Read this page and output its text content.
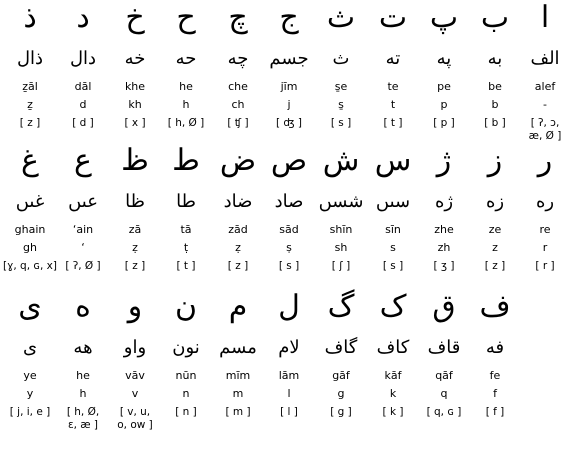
ذ
ذال
ẕāl
ẕ
[ z ]
د
دال
dāl
d
[ d ]
خ
خه
khe
kh
[ x ]
ح
حه
he
h
[ h, Ø ]
چ
چه
che
ch
[ ʧ ]
ج
جسم
jīm
j
[ ʤ ]
ث
ث
s̱e
s̱
[ s ]
ت
ته
te
t
[ t ]
پ
په
pe
p
[ p ]
ب
به
be
b
[ b ]
ا
الف
alef
-
[ ʔ, ɔ,
æ, Ø ]
غ
غىں
ghain
gh
[ɣ, q, ɢ, x]
ع
عىں
‘ain
‘
[ ʔ, Ø ]
ظ
ظا
zā
ẓ
[ z ]
ط
طا
tā
ṭ
[ t ]
ض
ضاد
zād
ẓ
[ z ]
ص
صاد
sād
ṣ
[ s ]
ش
شسں
shīn
sh
[ ʃ ]
س
سىں
sīn
s
[ s ]
ژ
ژه
zhe
zh
[ ʒ ]
ز
زه
ze
z
[ z ]
ر
ره
re
r
[ r ]
ی
ى
ye
y
[ j, i, e ]
ه
هه
he
h
[ h, Ø,
ɛ, æ ]
و
واو
vāv
v
[ v, u,
o, ow ]
ن
نون
nūn
n
[ n ]
م
مسم
mīm
m
[ m ]
ل
لام
lām
l
[ l ]
گ
گاف
gāf
g
[ g ]
ک
کاف
kāf
k
[ k ]
ق
قاف
qāf
q
[ q, ɢ ]
ف
فه
fe
f
[ f ]
